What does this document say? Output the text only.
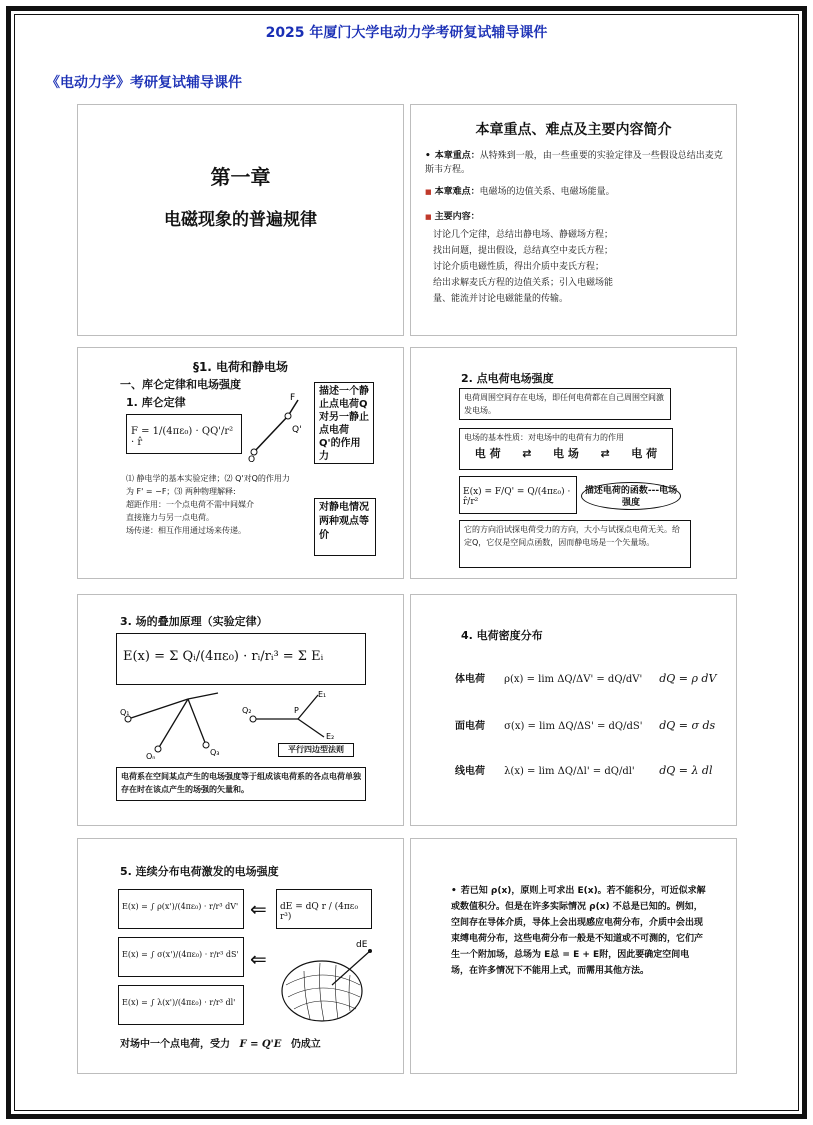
2025 年厦门大学电动力学考研复试辅导课件
《电动力学》考研复试辅导课件
第一章
电磁现象的普遍规律
本章重点、难点及主要内容简介
• 本章重点：从特殊到一般，由一些重要的实验定律及一些假设总结出麦克斯韦方程。
■ 本章难点：电磁场的边值关系、电磁场能量。
■ 主要内容：
讨论几个定律，总结出静电场、静磁场方程；
找出问题，提出假设，总结真空中麦氏方程；
讨论介质电磁性质，得出介质中麦氏方程；
给出求解麦氏方程的边值关系；引入电磁场能
量、能流并讨论电磁能量的传输。
§1. 电荷和静电场
一、库仑定律和电场强度
1. 库仑定律
F = 1/(4πε₀) · QQ'/r² · r̂
F
Q
Q'
描述一个静止点电荷Q对另一静止点电荷Q'的作用力
⑴ 静电学的基本实验定律；⑵ Q'对Q的作用力
为 F' = −F；⑶ 两种物理解释:
超距作用：一个点电荷不需中间媒介
直接施力与另一点电荷。
场传递：相互作用通过场来传递。
对静电情况两种观点等价
2. 点电荷电场强度
电荷周围空间存在电场，即任何电荷都在自己周围空间激发电场。
电场的基本性质：对电场中的电荷有力的作用
电 荷 ⇄ 电 场 ⇄ 电 荷
E(x) = F/Q' = Q/(4πε₀) · r̂/r²
描述电荷的函数---电场强度
它的方向沿试探电荷受力的方向，大小与试探点电荷无关。给定Q，它仅是空间点函数，因而静电场是一个矢量场。
3. 场的叠加原理（实验定律）
E(x) = Σ Qᵢ/(4πε₀) · rᵢ/rᵢ³ = Σ Eᵢ
Q₁
Qₙ	Q₃
Q₂	P
E₁
E₂
平行四边型法则
电荷系在空间某点产生的电场强度等于组成该电荷系的各点电荷单独存在时在该点产生的场强的矢量和。
4. 电荷密度分布
体电荷 ρ(x) = lim ΔQ/ΔV' = dQ/dV' dQ = ρ dV
面电荷 σ(x) = lim ΔQ/ΔS' = dQ/dS' dQ = σ ds
线电荷 λ(x) = lim ΔQ/Δl' = dQ/dl' dQ = λ dl
5. 连续分布电荷激发的电场强度
E(x) = ∫ ρ(x')/(4πε₀) · r/r³ dV'
E(x) = ∫ σ(x')/(4πε₀) · r/r³ dS'
E(x) = ∫ λ(x')/(4πε₀) · r/r³ dl'
⇐	dE = dQ r / (4πε₀ r³)
⇐
dE
对场中一个点电荷，受力 F = Q'E 仍成立
• 若已知 ρ(x)，原则上可求出 E(x)。若不能积分，可近似求解或数值积分。但是在许多实际情况 ρ(x) 不总是已知的。例如，空间存在导体介质，导体上会出现感应电荷分布，介质中会出现束缚电荷分布，这些电荷分布一般是不知道或不可测的，它们产生一个附加场，总场为 E总 = E + E附，因此要确定空间电场，在许多情况下不能用上式，而需用其他方法。
